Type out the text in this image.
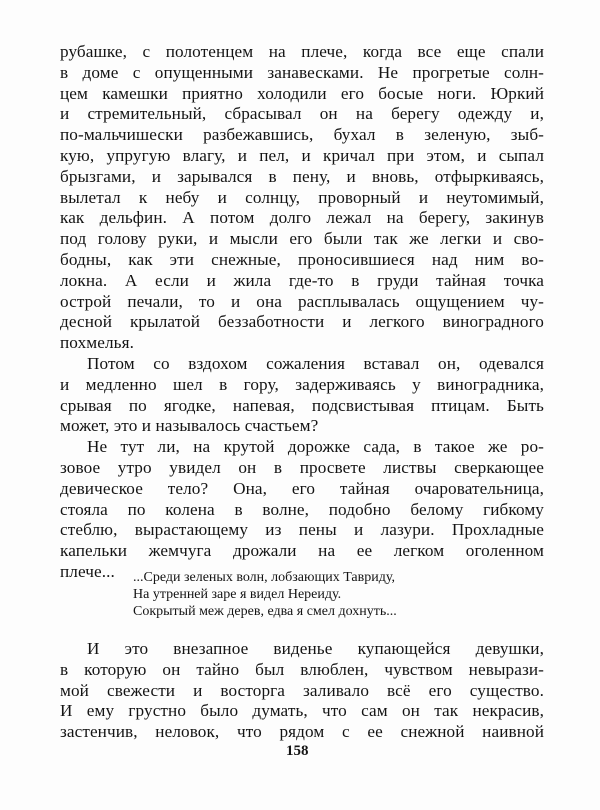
рубашке, с полотенцем на плече, когда все еще спали
в доме с опущенными занавесками. Не прогретые солн-
цем камешки приятно холодили его босые ноги. Юркий
и стремительный, сбрасывал он на берегу одежду и,
по-мальчишески разбежавшись, бухал в зеленую, зыб-
кую, упругую влагу, и пел, и кричал при этом, и сыпал
брызгами, и зарывался в пену, и вновь, отфыркиваясь,
вылетал к небу и солнцу, проворный и неутомимый,
как дельфин. А потом долго лежал на берегу, закинув
под голову руки, и мысли его были так же легки и сво-
бодны, как эти снежные, проносившиеся над ним во-
локна. А если и жила где-то в груди тайная точка
острой печали, то и она расплывалась ощущением чу-
десной крылатой беззаботности и легкого виноградного
похмелья.
Потом со вздохом сожаления вставал он, одевался
и медленно шел в гору, задерживаясь у виноградника,
срывая по ягодке, напевая, подсвистывая птицам. Быть
может, это и называлось счастьем?
Не тут ли, на крутой дорожке сада, в такое же ро-
зовое утро увидел он в просвете листвы сверкающее
девическое тело? Она, его тайная очаровательница,
стояла по колена в волне, подобно белому гибкому
стеблю, вырастающему из пены и лазури. Прохладные
капельки жемчуга дрожали на ее легком оголенном
плече...	...Среди зеленых волн, лобзающих Тавриду,
На утренней заре я видел Нереиду.
Сокрытый меж дерев, едва я смел дохнуть...
И это внезапное виденье купающейся девушки,
в которую он тайно был влюблен, чувством невырази-
мой свежести и восторга заливало всё его существо.
И ему грустно было думать, что сам он так некрасив,
застенчив, неловок, что рядом с ее снежной наивной
158
